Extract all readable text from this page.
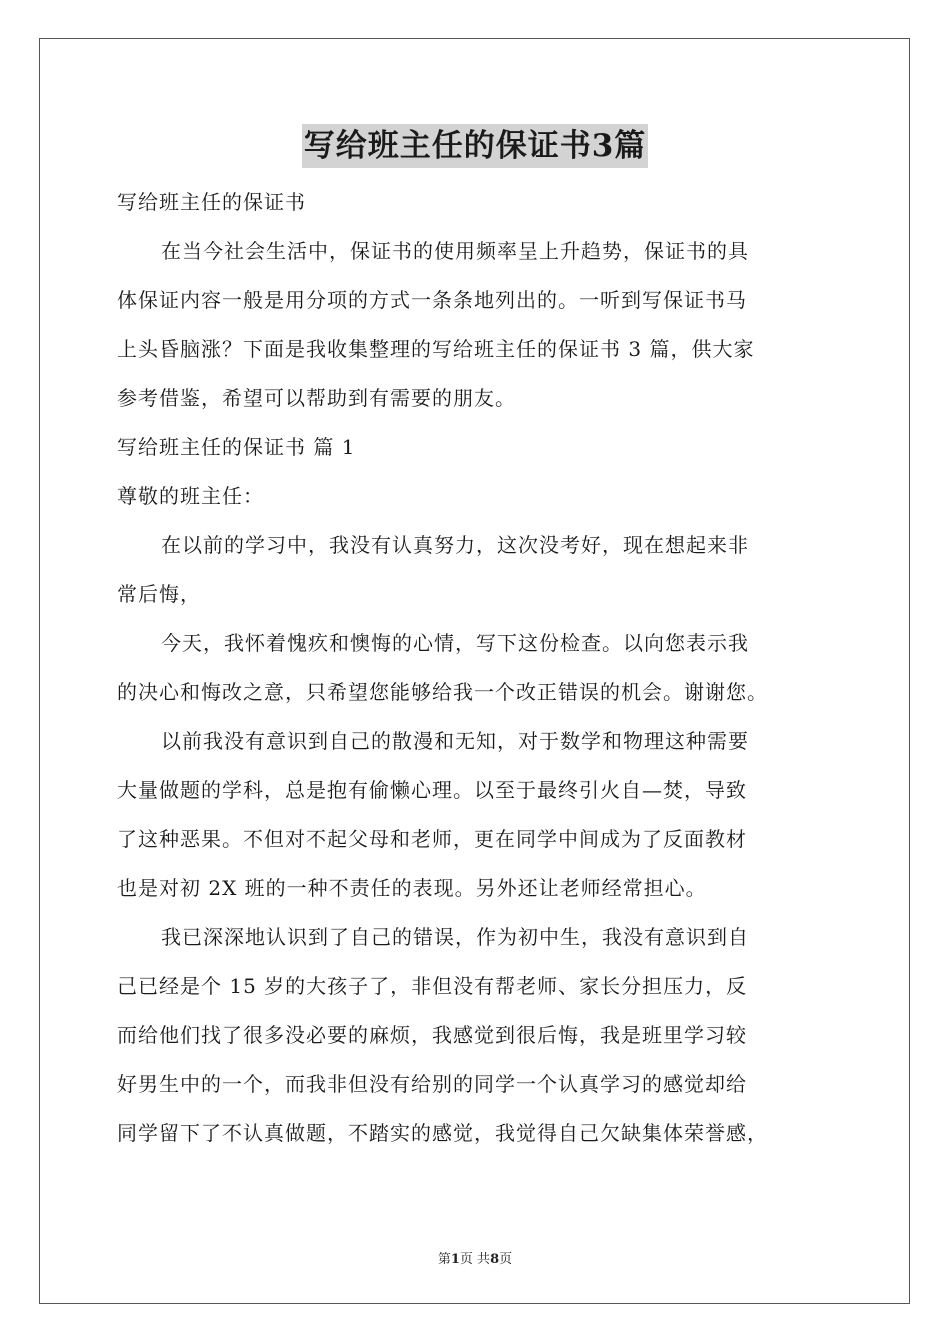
写给班主任的保证书3篇
写给班主任的保证书
在当今社会生活中，保证书的使用频率呈上升趋势，保证书的具
体保证内容一般是用分项的方式一条条地列出的。一听到写保证书马
上头昏脑涨？下面是我收集整理的写给班主任的保证书 3 篇，供大家
参考借鉴，希望可以帮助到有需要的朋友。
写给班主任的保证书 篇 1
尊敬的班主任：
在以前的学习中，我没有认真努力，这次没考好，现在想起来非
常后悔，
今天，我怀着愧疚和懊悔的心情，写下这份检查。以向您表示我
的决心和悔改之意，只希望您能够给我一个改正错误的机会。谢谢您。
以前我没有意识到自己的散漫和无知，对于数学和物理这种需要
大量做题的学科，总是抱有偷懒心理。以至于最终引火自—焚，导致
了这种恶果。不但对不起父母和老师，更在同学中间成为了反面教材
也是对初 2X 班的一种不责任的表现。另外还让老师经常担心。
我已深深地认识到了自己的错误，作为初中生，我没有意识到自
己已经是个 15 岁的大孩子了，非但没有帮老师、家长分担压力，反
而给他们找了很多没必要的麻烦，我感觉到很后悔，我是班里学习较
好男生中的一个，而我非但没有给别的同学一个认真学习的感觉却给
同学留下了不认真做题，不踏实的感觉，我觉得自己欠缺集体荣誉感，
第1页 共8页
